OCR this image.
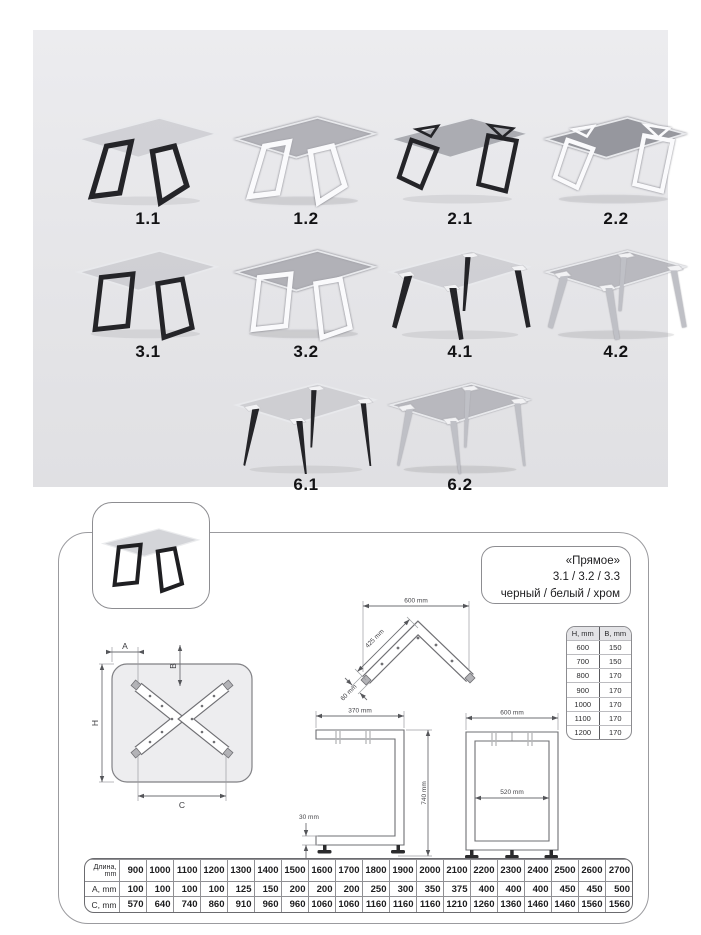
1.1	1.2	2.1	2.2
3.1	3.2	4.1	4.2
6.1	6.2
«Прямое»
3.1 / 3.2 / 3.3
черный / белый / хром
A
B
H
C
600 mm
425 mm
60 mm
370 mm
740 mm
30 mm
600 mm
520 mm
H, mm	B, mm
600	150
700	150
800	170
900	170
1000	170
1100	170
1200	170
Длина,
mm	900	1000	1100	1200	1300	1400	1500	1600	1700	1800	1900	2000	2100	2200	2300	2400	2500	2600	2700
A, mm	100	100	100	100	125	150	200	200	200	250	300	350	375	400	400	400	450	450	500
C, mm	570	640	740	860	910	960	960	1060	1060	1160	1160	1160	1210	1260	1360	1460	1460	1560	1560
